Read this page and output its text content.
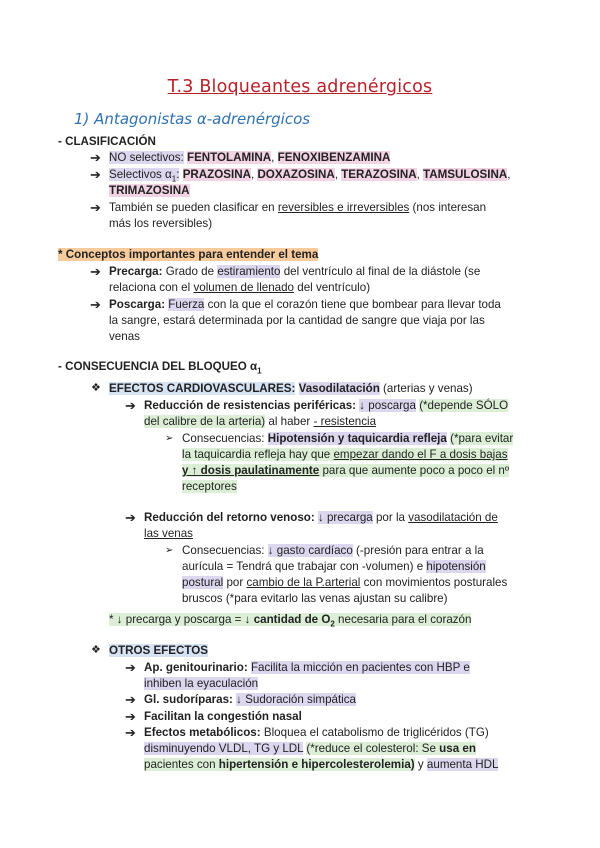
T.3 Bloqueantes adrenérgicos
1) Antagonistas α-adrenérgicos
- CLASIFICACIÓN
➔ NO selectivos: FENTOLAMINA, FENOXIBENZAMINA
➔ Selectivos $\alpha_1$: PRAZOSINA, DOXAZOSINA, TERAZOSINA, TAMSULOSINA,
TRIMAZOSINA
➔ También se pueden clasificar en reversibles e irreversibles (nos interesan
más los reversibles)
* Conceptos importantes para entender el tema
➔ Precarga: Grado de estiramiento del ventrículo al final de la diástole (se
relaciona con el volumen de llenado del ventrículo)
➔ Poscarga: Fuerza con la que el corazón tiene que bombear para llevar toda
la sangre, estará determinada por la cantidad de sangre que viaja por las
venas
- CONSECUENCIA DEL BLOQUEO $\alpha_1$
❖ EFECTOS CARDIOVASCULARES: Vasodilatación (arterias y venas)
➔ Reducción de resistencias periféricas: ↓ poscarga (*depende SÓLO
del calibre de la arteria) al haber - resistencia
➢ Consecuencias: Hipotensión y taquicardia refleja (*para evitar
la taquicardia refleja hay que empezar dando el F a dosis bajas
y ↑ dosis paulatinamente para que aumente poco a poco el nº
receptores
➔ Reducción del retorno venoso: ↓ precarga por la vasodilatación de
las venas
➢ Consecuencias: ↓ gasto cardíaco (-presión para entrar a la
aurícula = Tendrá que trabajar con -volumen) e hipotensión
postural por cambio de la P.arterial con movimientos posturales
bruscos (*para evitarlo las venas ajustan su calibre)
* ↓ precarga y poscarga = ↓ cantidad de $O_2$ necesaria para el corazón
❖ OTROS EFECTOS
➔ Ap. genitourinario: Facilita la micción en pacientes con HBP e
inhiben la eyaculación
➔ Gl. sudoríparas: ↓ Sudoración simpática
➔ Facilitan la congestión nasal
➔ Efectos metabólicos: Bloquea el catabolismo de triglicéridos (TG)
disminuyendo VLDL, TG y LDL (*reduce el colesterol: Se usa en
pacientes con hipertensión e hipercolesterolemia) y aumenta HDL
